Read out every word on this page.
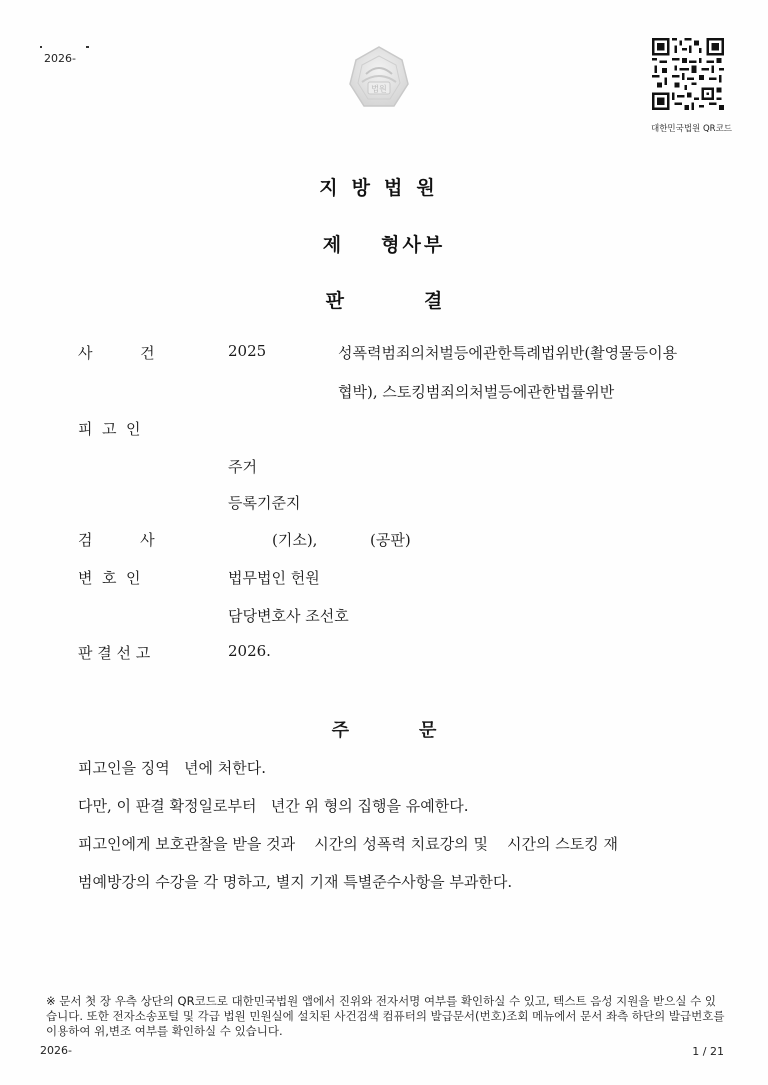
2026-
법원
대한민국법원 QR코드
지방법원
제 형사부
판	결
사          건	2025	성폭력범죄의처벌등에관한특례법위반(촬영물등이용
협박), 스토킹범죄의처벌등에관한법률위반
피  고  인
주거
등록기준지
검          사	(기소),	(공판)
변  호  인	법무법인 헌원
담당변호사 조선호
판 결 선 고	2026.
주	문
피고인을 징역   년에 처한다.
다만, 이 판결 확정일로부터   년간 위 형의 집행을 유예한다.
피고인에게 보호관찰을 받을 것과    시간의 성폭력 치료강의 및    시간의 스토킹 재
범예방강의 수강을 각 명하고, 별지 기재 특별준수사항을 부과한다.
※ 문서 첫 장 우측 상단의 QR코드로 대한민국법원 앱에서 진위와 전자서명 여부를 확인하실 수 있고, 텍스트 음성 지원을 받으실 수 있습니다. 또한 전자소송포털 및 각급 법원 민원실에 설치된 사건검색 컴퓨터의 발급문서(번호)조회 메뉴에서 문서 좌측 하단의 발급번호를 이용하여 위,변조 여부를 확인하실 수 있습니다.
2026-	1 / 21
